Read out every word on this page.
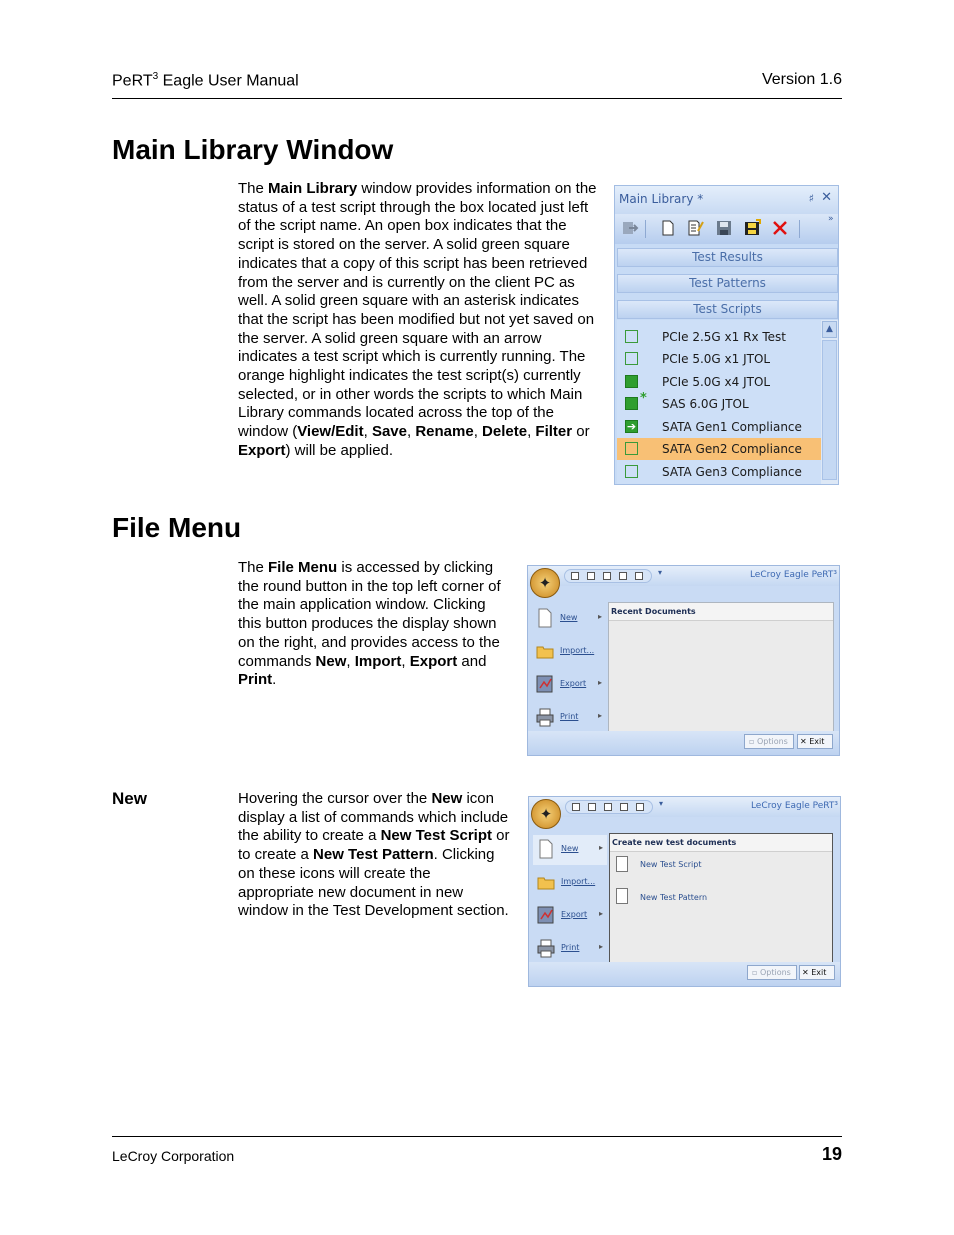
PeRT$^3$ Eagle User Manual	Version 1.6
Main Library Window
The Main Library window provides information on the status of a test script through the box located just left of the script name. An open box indicates that the script is stored on the server. A solid green square indicates that a copy of this script has been retrieved from the server and is currently on the client PC as well. A solid green square with an asterisk indicates that the script has been modified but not yet saved on the server. A solid green square with an arrow indicates a test script which is currently running. The orange highlight indicates the test script(s) currently selected, or in other words the scripts to which Main Library commands located across the top of the window (View/Edit, Save, Rename, Delete, Filter or Export) will be applied.
Main Library *	♯ ✕
»
Test Results
Test Patterns
Test Scripts
PCIe 2.5G x1 Rx Test
PCIe 5.0G x1 JTOL
PCIe 5.0G x4 JTOL
* SAS 6.0G JTOL
➔ SATA Gen1 Compliance
SATA Gen2 Compliance
SATA Gen3 Compliance
▲
File Menu
The File Menu is accessed by clicking the round button in the top left corner of the main application window. Clicking this button produces the display shown on the right, and provides access to the commands New, Import, Export and Print.
▾	LeCroy Eagle PeRT³
✦
New	▸
Import...
Export ▸
Print ▸
Recent Documents
▫ Options	✕ Exit
New	Hovering the cursor over the New icon display a list of commands which include the ability to create a New Test Script or to create a New Test Pattern. Clicking on these icons will create the appropriate new document in new window in the Test Development section.
▾	LeCroy Eagle PeRT³
✦
New	▸
Import...
Export ▸
Print ▸
Create new test documents
New Test Script
New Test Pattern
▫ Options	✕ Exit
LeCroy Corporation	19
